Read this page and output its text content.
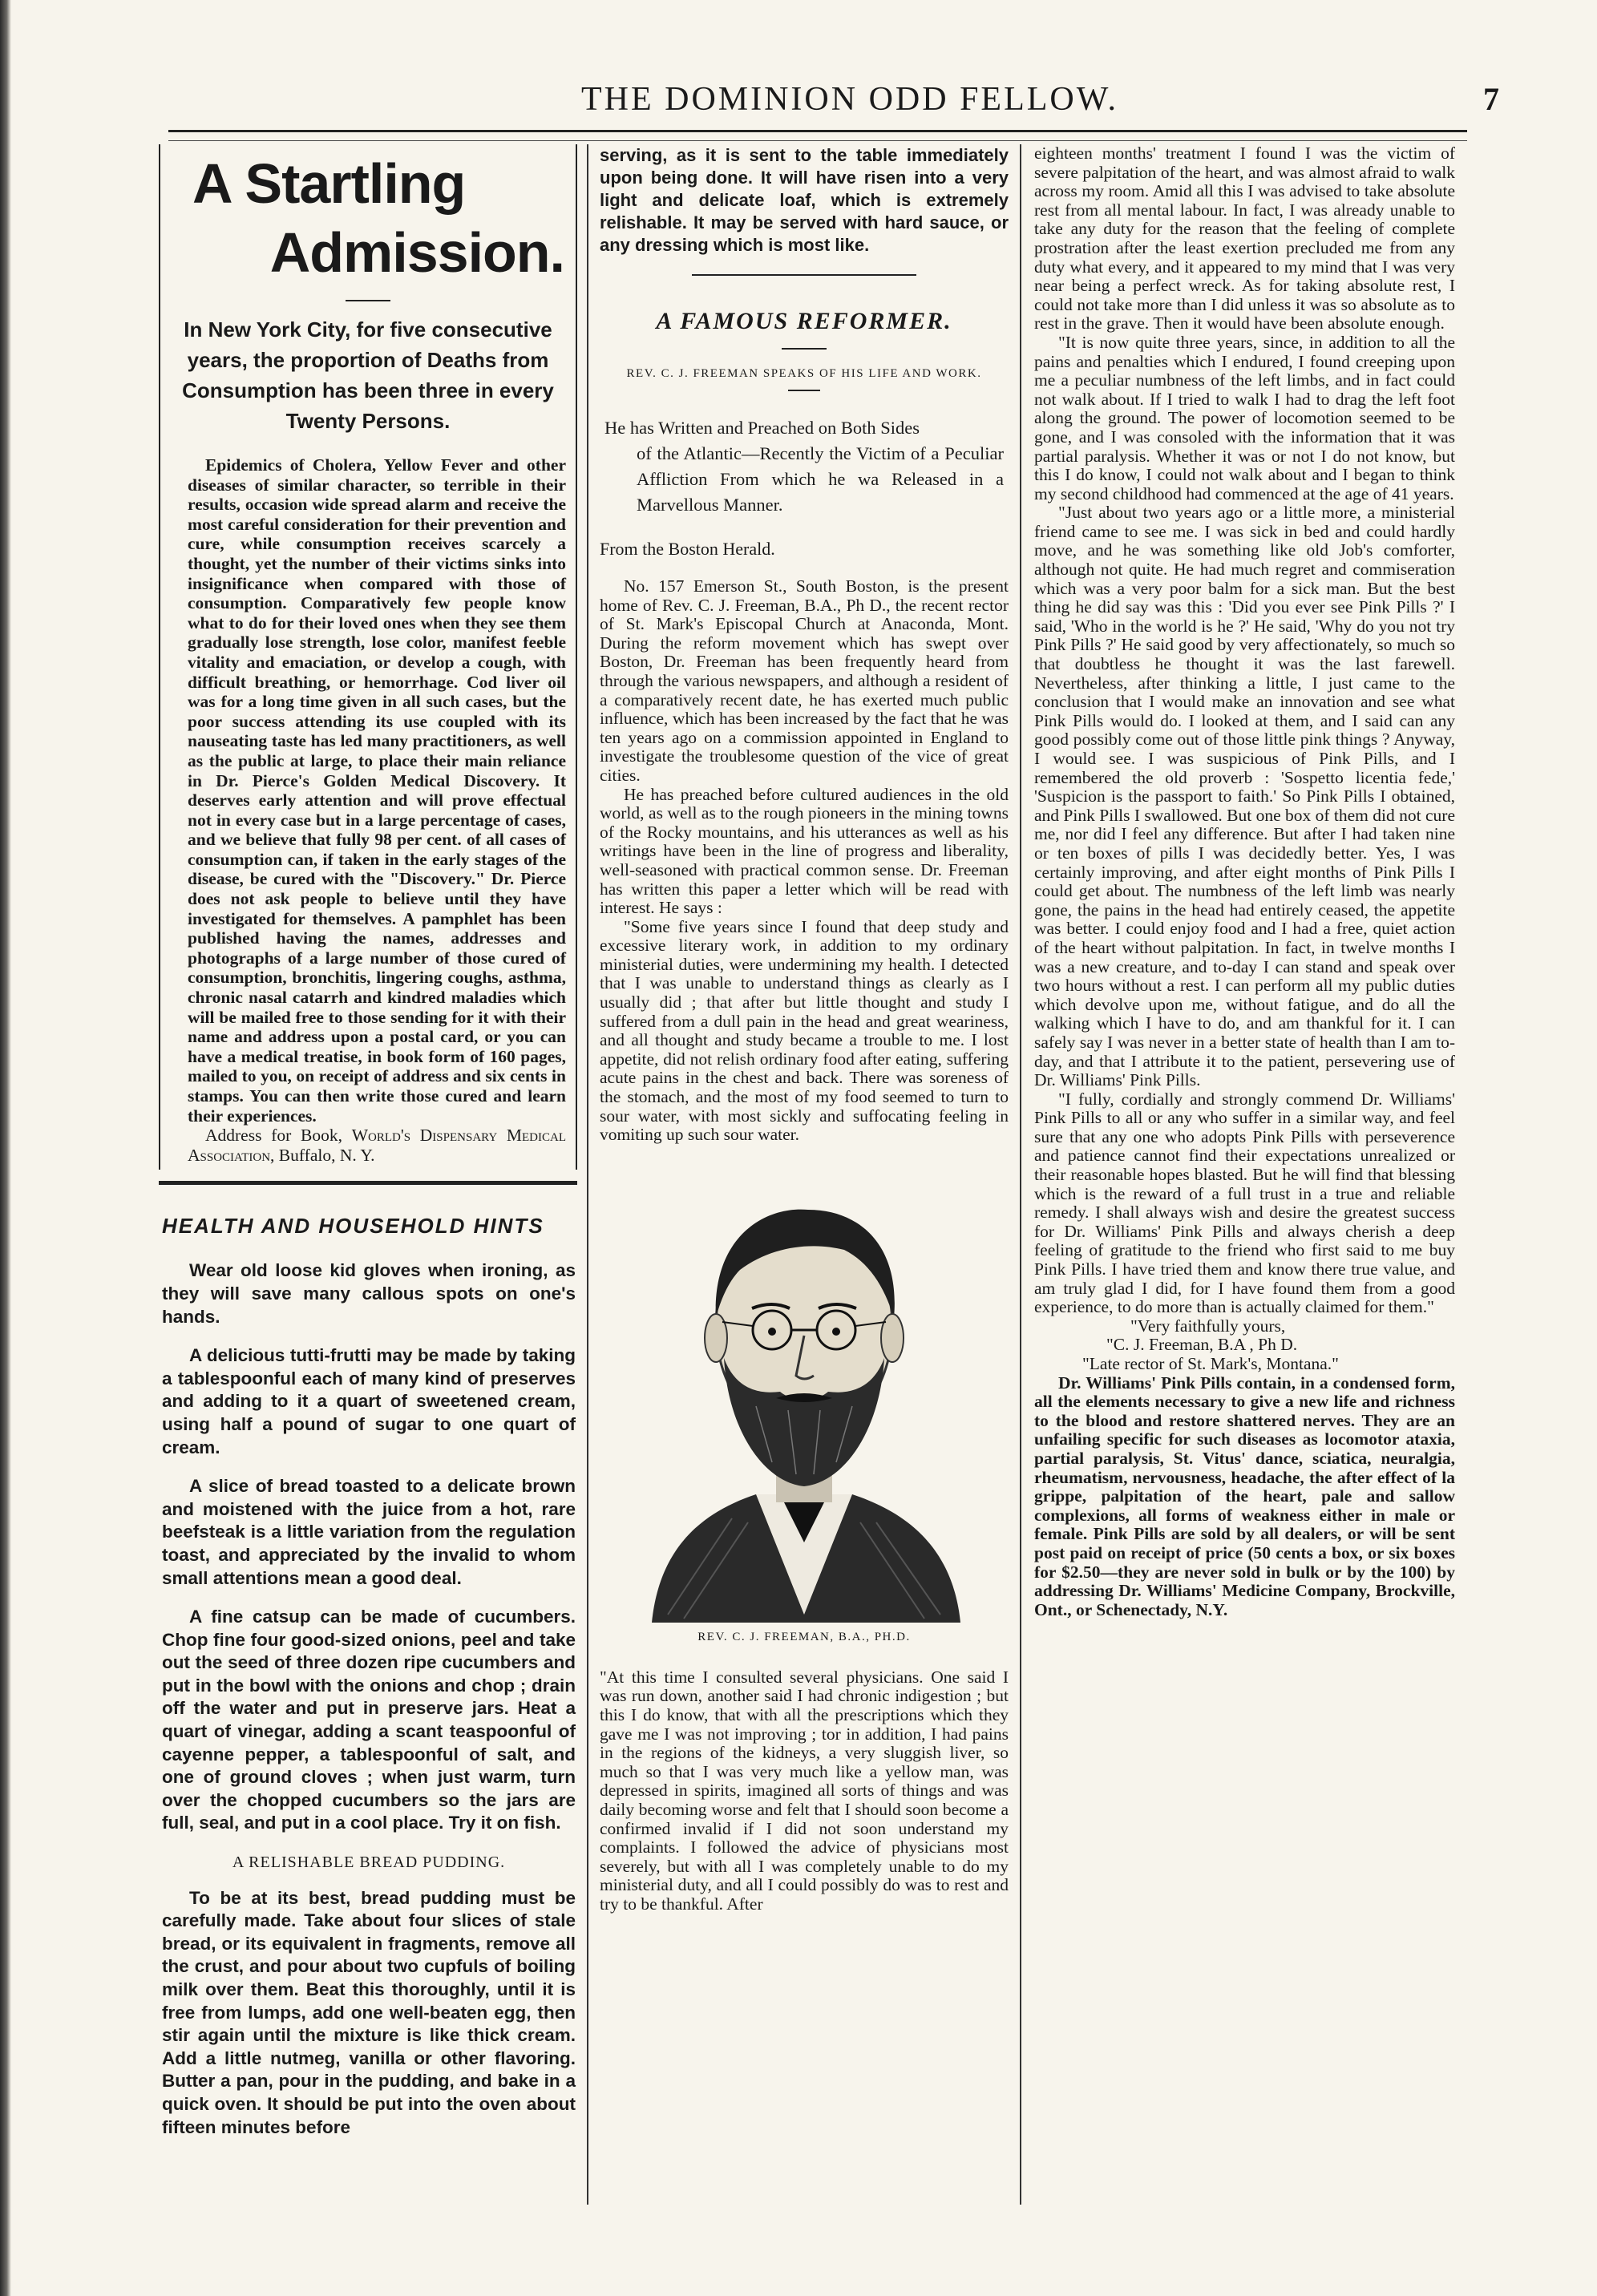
THE DOMINION ODD FELLOW.	7
A Startling
Admission.
In New York City, for five consecutive years, the proportion of Deaths from Consumption has been three in every Twenty Persons.

Epidemics of Cholera, Yellow Fever and other diseases of similar character, so terrible in their results, occasion wide spread alarm and receive the most careful consideration for their prevention and cure, while consumption receives scarcely a thought, yet the number of their victims sinks into insignificance when compared with those of consumption. Comparatively few people know what to do for their loved ones when they see them gradually lose strength, lose color, manifest feeble vitality and emaciation, or develop a cough, with difficult breathing, or hemorrhage. Cod liver oil was for a long time given in all such cases, but the poor success attending its use coupled with its nauseating taste has led many practitioners, as well as the public at large, to place their main reliance in Dr. Pierce's Golden Medical Discovery. It deserves early attention and will prove effectual not in every case but in a large percentage of cases, and we believe that fully 98 per cent. of all cases of consumption can, if taken in the early stages of the disease, be cured with the "Discovery." Dr. Pierce does not ask people to believe until they have investigated for themselves. A pamphlet has been published having the names, addresses and photographs of a large number of those cured of consumption, bronchitis, lingering coughs, asthma, chronic nasal catarrh and kindred maladies which will be mailed free to those sending for it with their name and address upon a postal card, or you can have a medical treatise, in book form of 160 pages, mailed to you, on receipt of address and six cents in stamps. You can then write those cured and learn their experiences.

Address for Book, World's Dispensary Medical Association, Buffalo, N. Y.

HEALTH AND HOUSEHOLD HINTS

Wear old loose kid gloves when ironing, as they will save many callous spots on one's hands.

A delicious tutti-frutti may be made by taking a tablespoonful each of many kind of preserves and adding to it a quart of sweetened cream, using half a pound of sugar to one quart of cream.

A slice of bread toasted to a delicate brown and moistened with the juice from a hot, rare beefsteak is a little variation from the regulation toast, and appreciated by the invalid to whom small attentions mean a good deal.

A fine catsup can be made of cucumbers. Chop fine four good-sized onions, peel and take out the seed of three dozen ripe cucumbers and put in the bowl with the onions and chop ; drain off the water and put in preserve jars. Heat a quart of vinegar, adding a scant teaspoonful of cayenne pepper, a tablespoonful of salt, and one of ground cloves ; when just warm, turn over the chopped cucumbers so the jars are full, seal, and put in a cool place. Try it on fish.

A RELISHABLE BREAD PUDDING.

To be at its best, bread pudding must be carefully made. Take about four slices of stale bread, or its equivalent in fragments, remove all the crust, and pour about two cupfuls of boiling milk over them. Beat this thoroughly, until it is free from lumps, add one well-beaten egg, then stir again until the mixture is like thick cream. Add a little nutmeg, vanilla or other flavoring. Butter a pan, pour in the pudding, and bake in a quick oven. It should be put into the oven about fifteen minutes before

serving, as it is sent to the table immediately upon being done. It will have risen into a very light and delicate loaf, which is extremely relishable. It may be served with hard sauce, or any dressing which is most like.

A FAMOUS REFORMER.

REV. C. J. FREEMAN SPEAKS OF HIS LIFE AND WORK.

He has Written and Preached on Both Sides
of the Atlantic—Recently the Victim of a Peculiar Affliction From which he wa Released in a Marvellous Manner.
From the Boston Herald.

No. 157 Emerson St., South Boston, is the present home of Rev. C. J. Freeman, B.A., Ph D., the recent rector of St. Mark's Episcopal Church at Anaconda, Mont. During the reform movement which has swept over Boston, Dr. Freeman has been frequently heard from through the various newspapers, and although a resident of a comparatively recent date, he has exerted much public influence, which has been increased by the fact that he was ten years ago on a commission appointed in England to investigate the troublesome question of the vice of great cities.

He has preached before cultured audiences in the old world, as well as to the rough pioneers in the mining towns of the Rocky mountains, and his utterances as well as his writings have been in the line of progress and liberality, well-seasoned with practical common sense. Dr. Freeman has written this paper a letter which will be read with interest. He says :

"Some five years since I found that deep study and excessive literary work, in addition to my ordinary ministerial duties, were undermining my health. I detected that I was unable to understand things as clearly as I usually did ; that after but little thought and study I suffered from a dull pain in the head and great weariness, and all thought and study became a trouble to me. I lost appetite, did not relish ordinary food after eating, suffering acute pains in the chest and back. There was soreness of the stomach, and the most of my food seemed to turn to sour water, with most sickly and suffocating feeling in vomiting up such sour water.

REV. C. J. FREEMAN, B.A., PH.D.

"At this time I consulted several physicians. One said I was run down, another said I had chronic indigestion ; but this I do know, that with all the prescriptions which they gave me I was not improving ; tor in addition, I had pains in the regions of the kidneys, a very sluggish liver, so much so that I was very much like a yellow man, was depressed in spirits, imagined all sorts of things and was daily becoming worse and felt that I should soon become a confirmed invalid if I did not soon understand my complaints. I followed the advice of physicians most severely, but with all I was completely unable to do my ministerial duty, and all I could possibly do was to rest and try to be thankful. After

eighteen months' treatment I found I was the victim of severe palpitation of the heart, and was almost afraid to walk across my room. Amid all this I was advised to take absolute rest from all mental labour. In fact, I was already unable to take any duty for the reason that the feeling of complete prostration after the least exertion precluded me from any duty what every, and it appeared to my mind that I was very near being a perfect wreck. As for taking absolute rest, I could not take more than I did unless it was so absolute as to rest in the grave. Then it would have been absolute enough.

"It is now quite three years, since, in addition to all the pains and penalties which I endured, I found creeping upon me a peculiar numbness of the left limbs, and in fact could not walk about. If I tried to walk I had to drag the left foot along the ground. The power of locomotion seemed to be gone, and I was consoled with the information that it was partial paralysis. Whether it was or not I do not know, but this I do know, I could not walk about and I began to think my second childhood had commenced at the age of 41 years.

"Just about two years ago or a little more, a ministerial friend came to see me. I was sick in bed and could hardly move, and he was something like old Job's comforter, although not quite. He had much regret and commiseration which was a very poor balm for a sick man. But the best thing he did say was this : 'Did you ever see Pink Pills ?' I said, 'Who in the world is he ?' He said, 'Why do you not try Pink Pills ?' He said good by very affectionately, so much so that doubtless he thought it was the last farewell. Nevertheless, after thinking a little, I just came to the conclusion that I would make an innovation and see what Pink Pills would do. I looked at them, and I said can any good possibly come out of those little pink things ? Anyway, I would see. I was suspicious of Pink Pills, and I remembered the old proverb : 'Sospetto licentia fede,' 'Suspicion is the passport to faith.' So Pink Pills I obtained, and Pink Pills I swallowed. But one box of them did not cure me, nor did I feel any difference. But after I had taken nine or ten boxes of pills I was decidedly better. Yes, I was certainly improving, and after eight months of Pink Pills I could get about. The numbness of the left limb was nearly gone, the pains in the head had entirely ceased, the appetite was better. I could enjoy food and I had a free, quiet action of the heart without palpitation. In fact, in twelve months I was a new creature, and to-day I can stand and speak over two hours without a rest. I can perform all my public duties which devolve upon me, without fatigue, and do all the walking which I have to do, and am thankful for it. I can safely say I was never in a better state of health than I am to-day, and that I attribute it to the patient, persevering use of Dr. Williams' Pink Pills.

"I fully, cordially and strongly commend Dr. Williams' Pink Pills to all or any who suffer in a similar way, and feel sure that any one who adopts Pink Pills with perseverence and patience cannot find their expectations unrealized or their reasonable hopes blasted. But he will find that blessing which is the reward of a full trust in a true and reliable remedy. I shall always wish and desire the greatest success for Dr. Williams' Pink Pills and always cherish a deep feeling of gratitude to the friend who first said to me buy Pink Pills. I have tried them and know there true value, and am truly glad I did, for I have found them from a good experience, to do more than is actually claimed for them."

"Very faithfully yours,
"C. J. Freeman, B.A , Ph D.
"Late rector of St. Mark's, Montana."

Dr. Williams' Pink Pills contain, in a condensed form, all the elements necessary to give a new life and richness to the blood and restore shattered nerves. They are an unfailing specific for such diseases as locomotor ataxia, partial paralysis, St. Vitus' dance, sciatica, neuralgia, rheumatism, nervousness, headache, the after effect of la grippe, palpitation of the heart, pale and sallow complexions, all forms of weakness either in male or female. Pink Pills are sold by all dealers, or will be sent post paid on receipt of price (50 cents a box, or six boxes for $2.50—they are never sold in bulk or by the 100) by addressing Dr. Williams' Medicine Company, Brockville, Ont., or Schenectady, N.Y.
